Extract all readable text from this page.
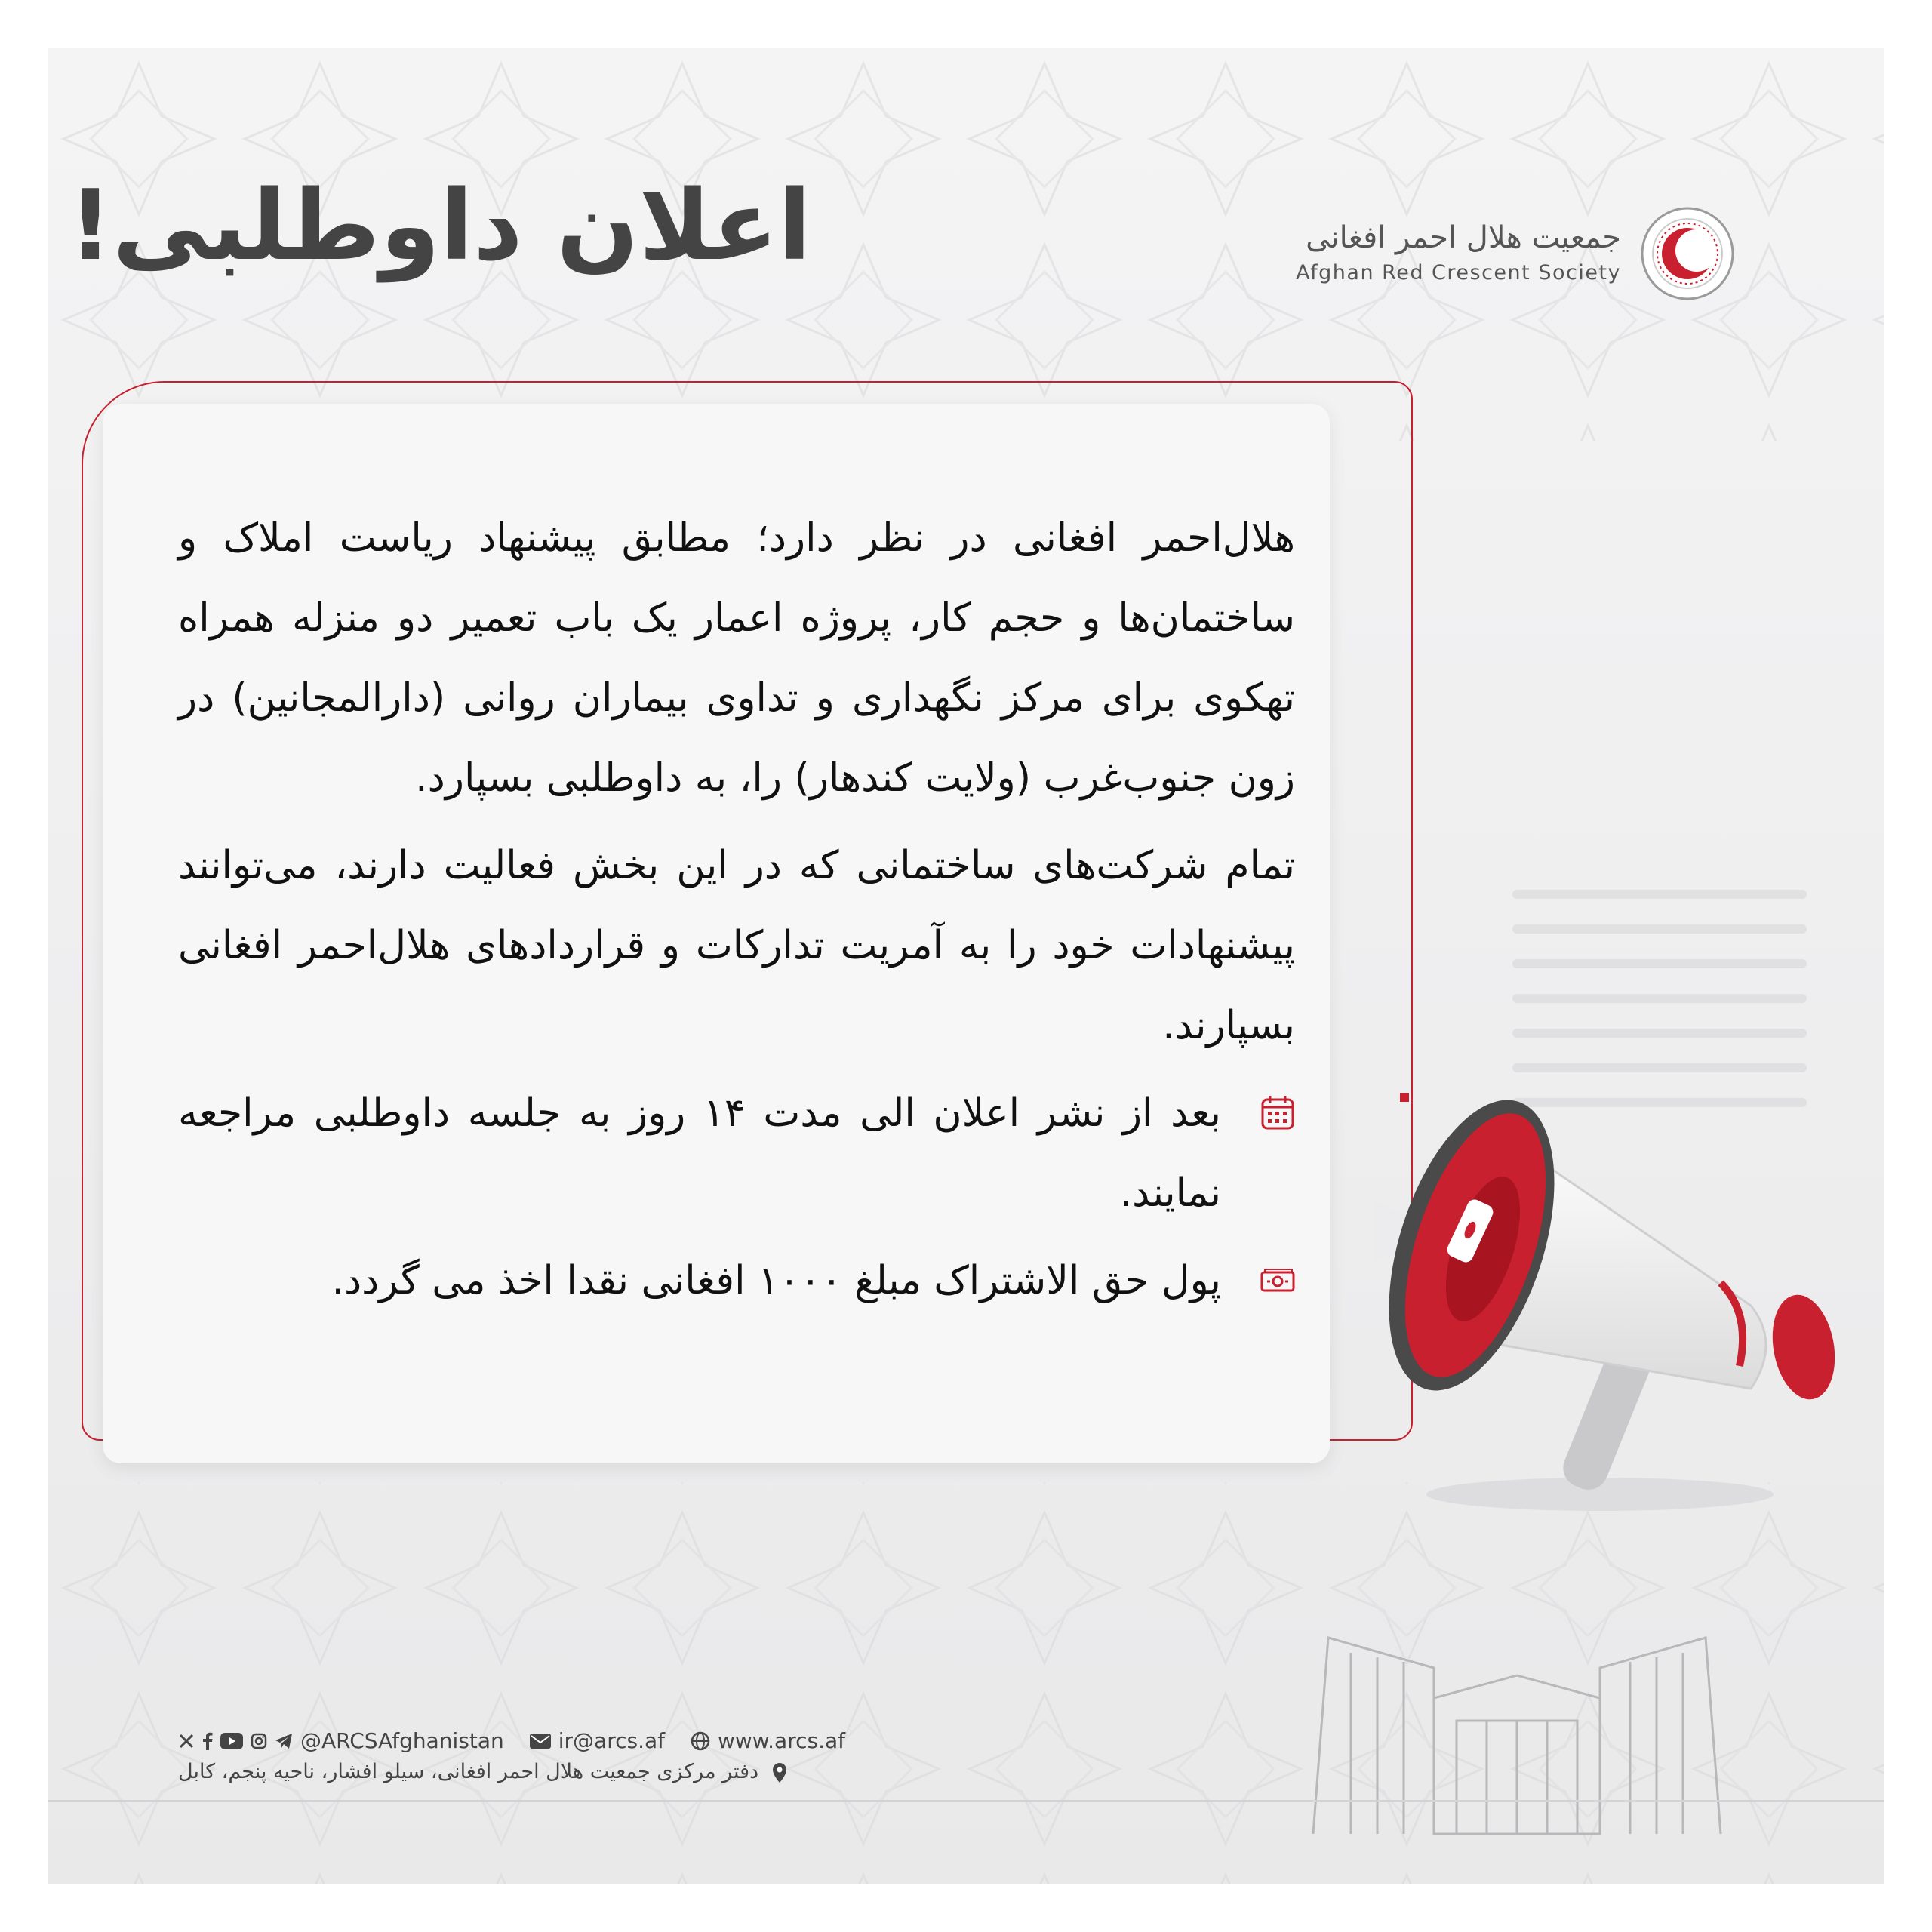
اعلان داوطلبی!	جمعیت هلال احمر افغانی
Afghan Red Crescent Society

هلال‌احمر افغانی در نظر دارد؛ مطابق پیشنهاد ریاست املاک و ساختمان‌ها و حجم کار، پروژه اعمار یک باب تعمیر دو منزله همراه تهکوی برای مرکز نگهداری و تداوی بیماران روانی (دارالمجانین) در زون جنوب‌غرب (ولایت کندهار) را، به داوطلبی بسپارد.

تمام شرکت‌های ساختمانی که در این بخش فعالیت دارند، می‌توانند پیشنهادات خود را به آمریت تدارکات و قراردادهای هلال‌احمر افغانی بسپارند.

بعد از نشر اعلان الی مدت ۱۴ روز به جلسه داوطلبی مراجعه نمایند.
پول حق الاشتراک مبلغ ۱۰۰۰ افغانی نقدا اخذ می گردد.
@ARCSAfghanistan	ir@arcs.af	www.arcs.af
دفتر مرکزی جمعیت هلال احمر افغانی، سیلو افشار، ناحیه پنجم، کابل
